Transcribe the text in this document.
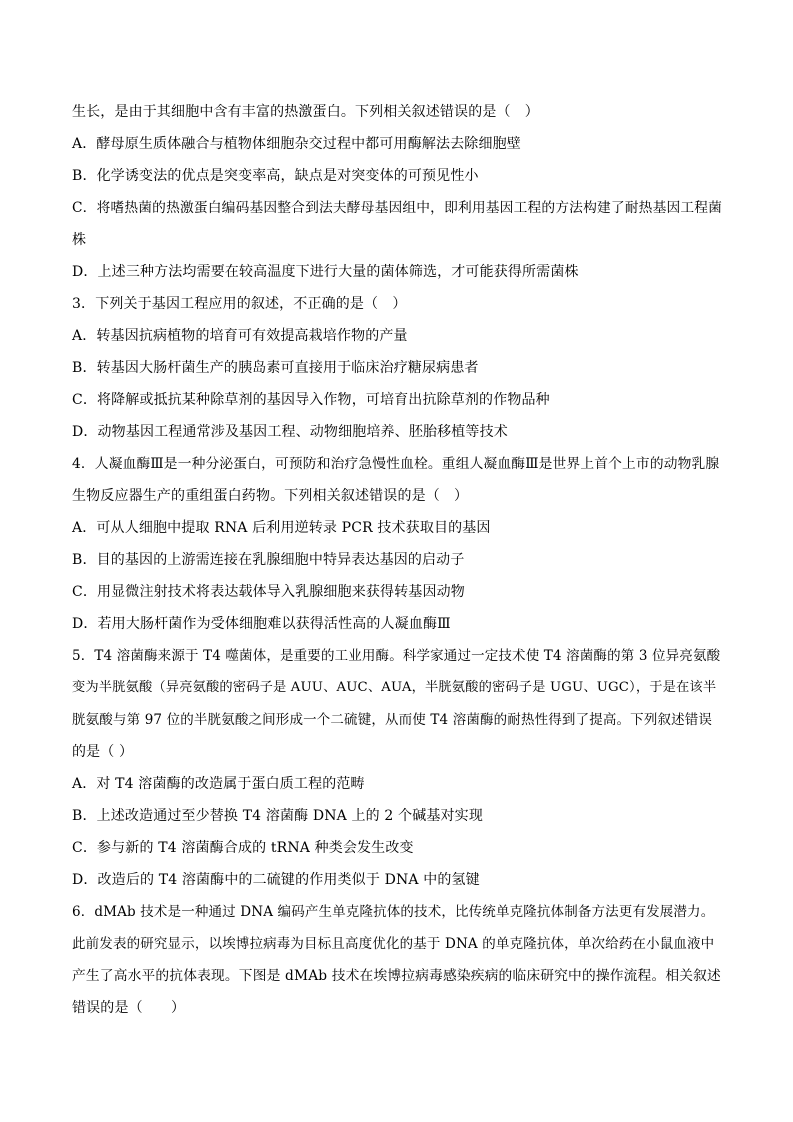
生长，是由于其细胞中含有丰富的热激蛋白。下列相关叙述错误的是（　）
A．酵母原生质体融合与植物体细胞杂交过程中都可用酶解法去除细胞壁
B．化学诱变法的优点是突变率高，缺点是对突变体的可预见性小
C．将嗜热菌的热激蛋白编码基因整合到法夫酵母基因组中，即利用基因工程的方法构建了耐热基因工程菌
株
D．上述三种方法均需要在较高温度下进行大量的菌体筛选，才可能获得所需菌株
3．下列关于基因工程应用的叙述，不正确的是（　）
A．转基因抗病植物的培育可有效提高栽培作物的产量
B．转基因大肠杆菌生产的胰岛素可直接用于临床治疗糖尿病患者
C．将降解或抵抗某种除草剂的基因导入作物，可培育出抗除草剂的作物品种
D．动物基因工程通常涉及基因工程、动物细胞培养、胚胎移植等技术
4．人凝血酶Ⅲ是一种分泌蛋白，可预防和治疗急慢性血栓。重组人凝血酶Ⅲ是世界上首个上市的动物乳腺
生物反应器生产的重组蛋白药物。下列相关叙述错误的是（　）
A．可从人细胞中提取 RNA 后利用逆转录 PCR 技术获取目的基因
B．目的基因的上游需连接在乳腺细胞中特异表达基因的启动子
C．用显微注射技术将表达载体导入乳腺细胞来获得转基因动物
D．若用大肠杆菌作为受体细胞难以获得活性高的人凝血酶Ⅲ
5．T4 溶菌酶来源于 T4 噬菌体，是重要的工业用酶。科学家通过一定技术使 T4 溶菌酶的第 3 位异亮氨酸
变为半胱氨酸（异亮氨酸的密码子是 AUU、AUC、AUA，半胱氨酸的密码子是 UGU、UGC），于是在该半
胱氨酸与第 97 位的半胱氨酸之间形成一个二硫键，从而使 T4 溶菌酶的耐热性得到了提高。下列叙述错误
的是（ ）
A．对 T4 溶菌酶的改造属于蛋白质工程的范畴
B．上述改造通过至少替换 T4 溶菌酶 DNA 上的 2 个碱基对实现
C．参与新的 T4 溶菌酶合成的 tRNA 种类会发生改变
D．改造后的 T4 溶菌酶中的二硫键的作用类似于 DNA 中的氢键
6．dMAb 技术是一种通过 DNA 编码产生单克隆抗体的技术，比传统单克隆抗体制备方法更有发展潜力。
此前发表的研究显示，以埃博拉病毒为目标且高度优化的基于 DNA 的单克隆抗体，单次给药在小鼠血液中
产生了高水平的抗体表现。下图是 dMAb 技术在埃博拉病毒感染疾病的临床研究中的操作流程。相关叙述
错误的是（　　）
